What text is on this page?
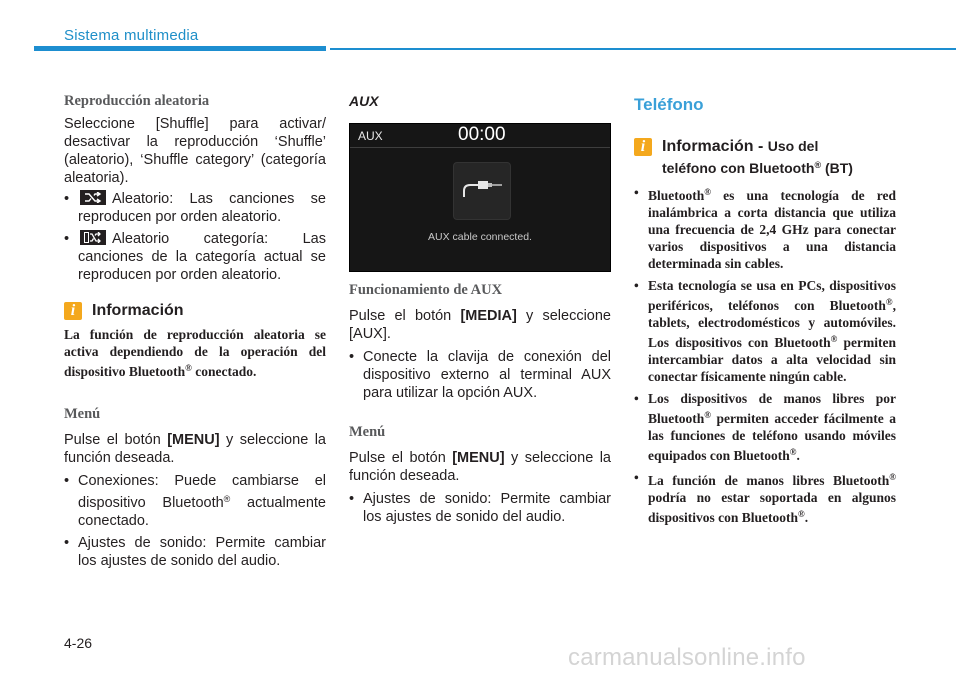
Sistema multimedia
Reproducción aleatoria

Seleccione [Shuffle] para activar/ desactivar la reproducción ‘Shuffle’ (aleatorio), ‘Shuffle category’ (categoría aleatoria).

• Aleatorio: Las canciones se reproducen por orden aleatorio.
• Aleatorio categoría: Las canciones de la categoría actual se reproducen por orden aleatorio.
i	Información

La función de reproducción aleatoria se activa dependiendo de la operación del dispositivo Bluetooth® conectado.

Menú

Pulse el botón [MENU] y seleccione la función deseada.

• Conexiones: Puede cambiarse el dispositivo Bluetooth® actualmente conectado.
• Ajustes de sonido: Permite cambiar los ajustes de sonido del audio.
AUX
AUX	00:00
AUX cable connected.
Funcionamiento de AUX

Pulse el botón [MEDIA] y seleccione [AUX].

• Conecte la clavija de conexión del dispositivo externo al terminal AUX para utilizar la opción AUX.
Menú

Pulse el botón [MENU] y seleccione la función deseada.

• Ajustes de sonido: Permite cambiar los ajustes de sonido del audio.
Teléfono
i	Información - Uso del
teléfono con Bluetooth® (BT)
• Bluetooth® es una tecnología de red inalámbrica a corta distancia que utiliza una frecuencia de 2,4 GHz para conectar varios dispositivos a una distancia determinada sin cables.
• Esta tecnología se usa en PCs, dispositivos periféricos, teléfonos con Bluetooth®, tablets, electrodomésticos y automóviles. Los dispositivos con Bluetooth® permiten intercambiar datos a alta velocidad sin conectar físicamente ningún cable.
• Los dispositivos de manos libres por Bluetooth® permiten acceder fácilmente a las funciones de teléfono usando móviles equipados con Bluetooth®.
• La función de manos libres Bluetooth® podría no estar soportada en algunos dispositivos con Bluetooth®.
4-26
carmanualsonline.info
